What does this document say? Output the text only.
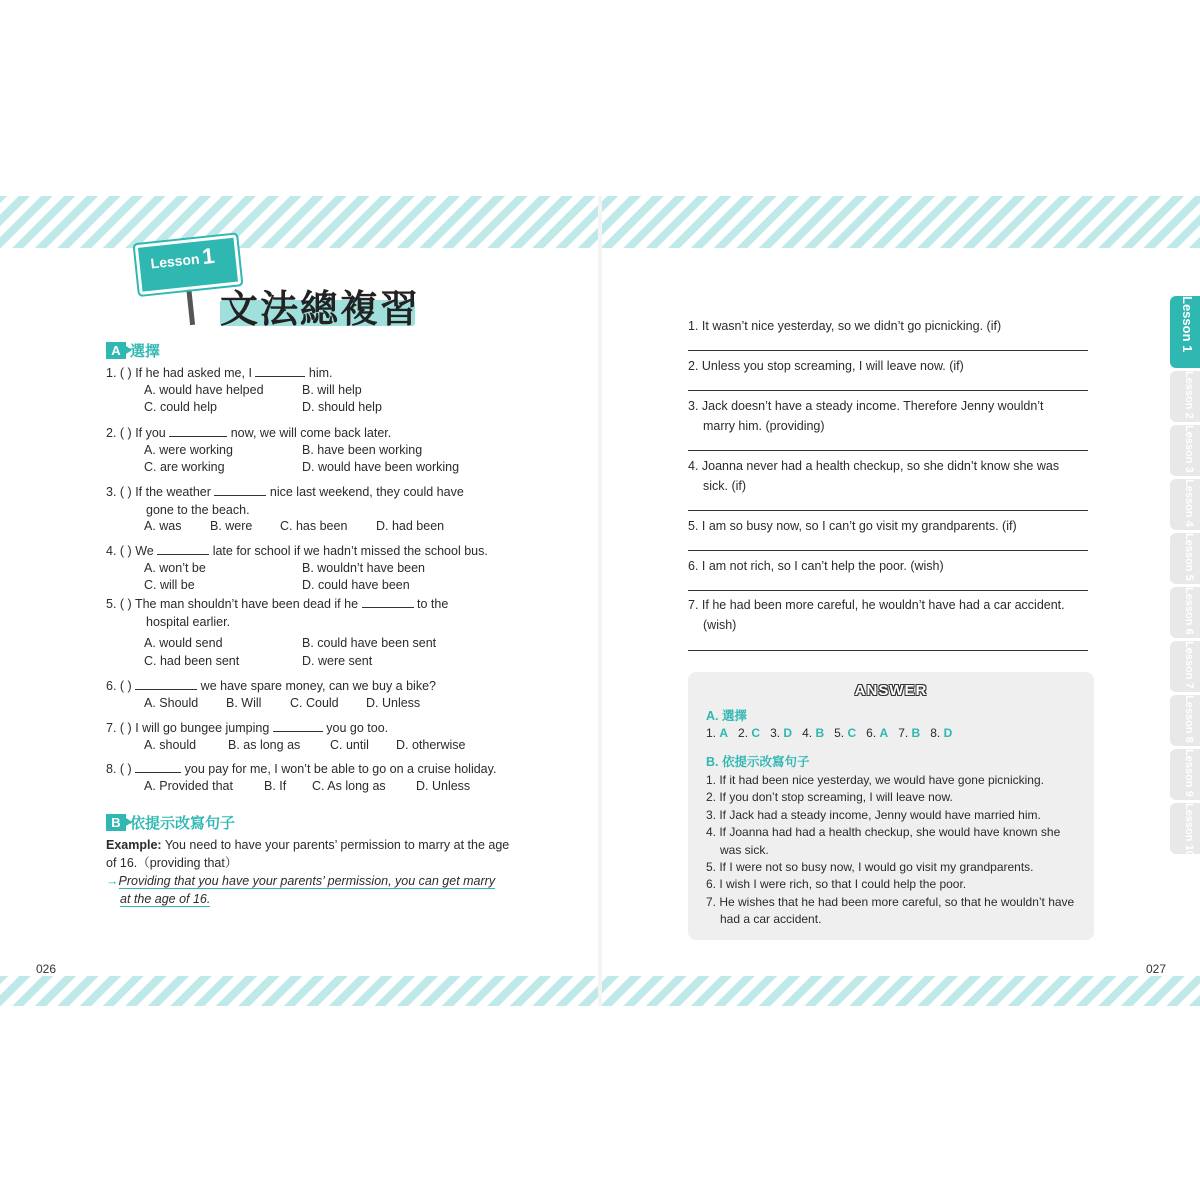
Lesson 1
文法總複習
A 選擇
1. ( ) If he had asked me, I	him.
A. would have helped	B. will help
C. could help	D. should help
2. ( ) If you	now, we will come back later.
A. were working	B. have been working
C. are working	D. would have been working
3. ( ) If the weather	nice last weekend, they could have
gone to the beach.
A. was B. were C. has been D. had been
4. ( ) We	late for school if we hadn’t missed the school bus.
A. won’t be	B. wouldn’t have been
C. will be	D. could have been
5. ( ) The man shouldn’t have been dead if he	to the
hospital earlier.
A. would send	B. could have been sent
C. had been sent	D. were sent
6. ( )	we have spare money, can we buy a bike?
A. Should B. Will C. Could D. Unless
7. ( ) I will go bungee jumping	you go too.
A. should	B. as long as C. until D. otherwise
8. ( )	you pay for me, I won’t be able to go on a cruise holiday.
A. Provided that B. If C. As long as D. Unless
B 依提示改寫句子
Example: You need to have your parents’ permission to marry at the age of 16.（providing that）
→Providing that you have your parents’ permission, you can get marry
at the age of 16.
026	027
1. It wasn’t nice yesterday, so we didn’t go picnicking. (if)
2. Unless you stop screaming, I will leave now. (if)
3. Jack doesn’t have a steady income. Therefore Jenny wouldn’t
marry him. (providing)
4. Joanna never had a health checkup, so she didn’t know she was
sick. (if)
5. I am so busy now, so I can’t go visit my grandparents. (if)
6. I am not rich, so I can’t help the poor. (wish)
7. If he had been more careful, he wouldn’t have had a car accident.
(wish)
ANSWER
A. 選擇
1. A 2. C 3. D 4. B 5. C 6. A 7. B 8. D
B. 依提示改寫句子
1. If it had been nice yesterday, we would have gone picnicking.
2. If you don’t stop screaming, I will leave now.
3. If Jack had a steady income, Jenny would have married him.
4. If Joanna had had a health checkup, she would have known she was sick.
5. If I were not so busy now, I would go visit my grandparents.
6. I wish I were rich, so that I could help the poor.
7. He wishes that he had been more careful, so that he wouldn’t have had a car accident.
Lesson 1
Lesson 2
Lesson 3
Lesson 4
Lesson 5
Lesson 6
Lesson 7
Lesson 8
Lesson 9
Lesson 10
